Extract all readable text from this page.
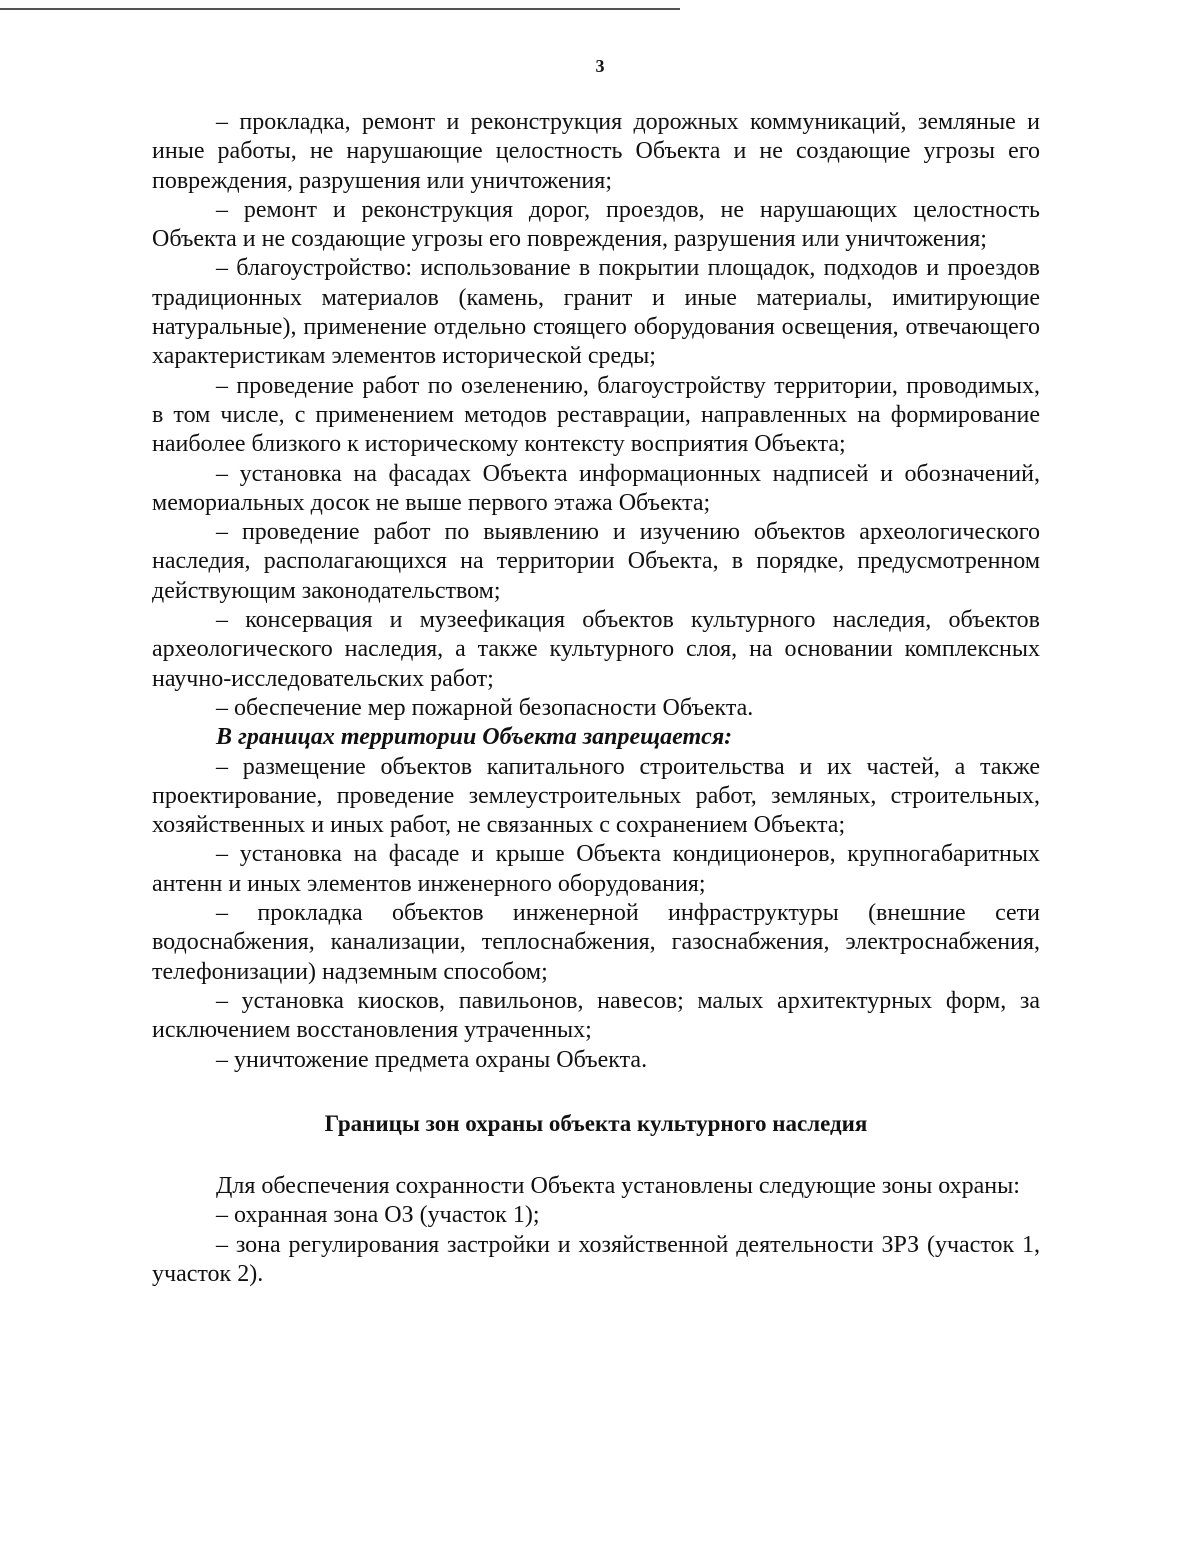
3

– прокладка, ремонт и реконструкция дорожных коммуникаций, земляные и иные работы, не нарушающие целостность Объекта и не создающие угрозы его повреждения, разрушения или уничтожения;

– ремонт и реконструкция дорог, проездов, не нарушающих целостность Объекта и не создающие угрозы его повреждения, разрушения или уничтожения;

– благоустройство: использование в покрытии площадок, подходов и проездов традиционных материалов (камень, гранит и иные материалы, имитирующие натуральные), применение отдельно стоящего оборудования освещения, отвечающего характеристикам элементов исторической среды;

– проведение работ по озеленению, благоустройству территории, проводимых, в том числе, с применением методов реставрации, направленных на формирование наиболее близкого к историческому контексту восприятия Объекта;

– установка на фасадах Объекта информационных надписей и обозначений, мемориальных досок не выше первого этажа Объекта;

– проведение работ по выявлению и изучению объектов археологического наследия, располагающихся на территории Объекта, в порядке, предусмотренном действующим законодательством;

– консервация и музеефикация объектов культурного наследия, объектов археологического наследия, а также культурного слоя, на основании комплексных научно-исследовательских работ;

– обеспечение мер пожарной безопасности Объекта.

В границах территории Объекта запрещается:

– размещение объектов капитального строительства и их частей, а также проектирование, проведение землеустроительных работ, земляных, строительных, хозяйственных и иных работ, не связанных с сохранением Объекта;

– установка на фасаде и крыше Объекта кондиционеров, крупногабаритных антенн и иных элементов инженерного оборудования;

– прокладка объектов инженерной инфраструктуры (внешние сети водоснабжения, канализации, теплоснабжения, газоснабжения, электроснабжения, телефонизации) надземным способом;

– установка киосков, павильонов, навесов; малых архитектурных форм, за исключением восстановления утраченных;

– уничтожение предмета охраны Объекта.

Границы зон охраны объекта культурного наследия

Для обеспечения сохранности Объекта установлены следующие зоны охраны:

– охранная зона ОЗ (участок 1);

– зона регулирования застройки и хозяйственной деятельности ЗРЗ (участок 1, участок 2).
